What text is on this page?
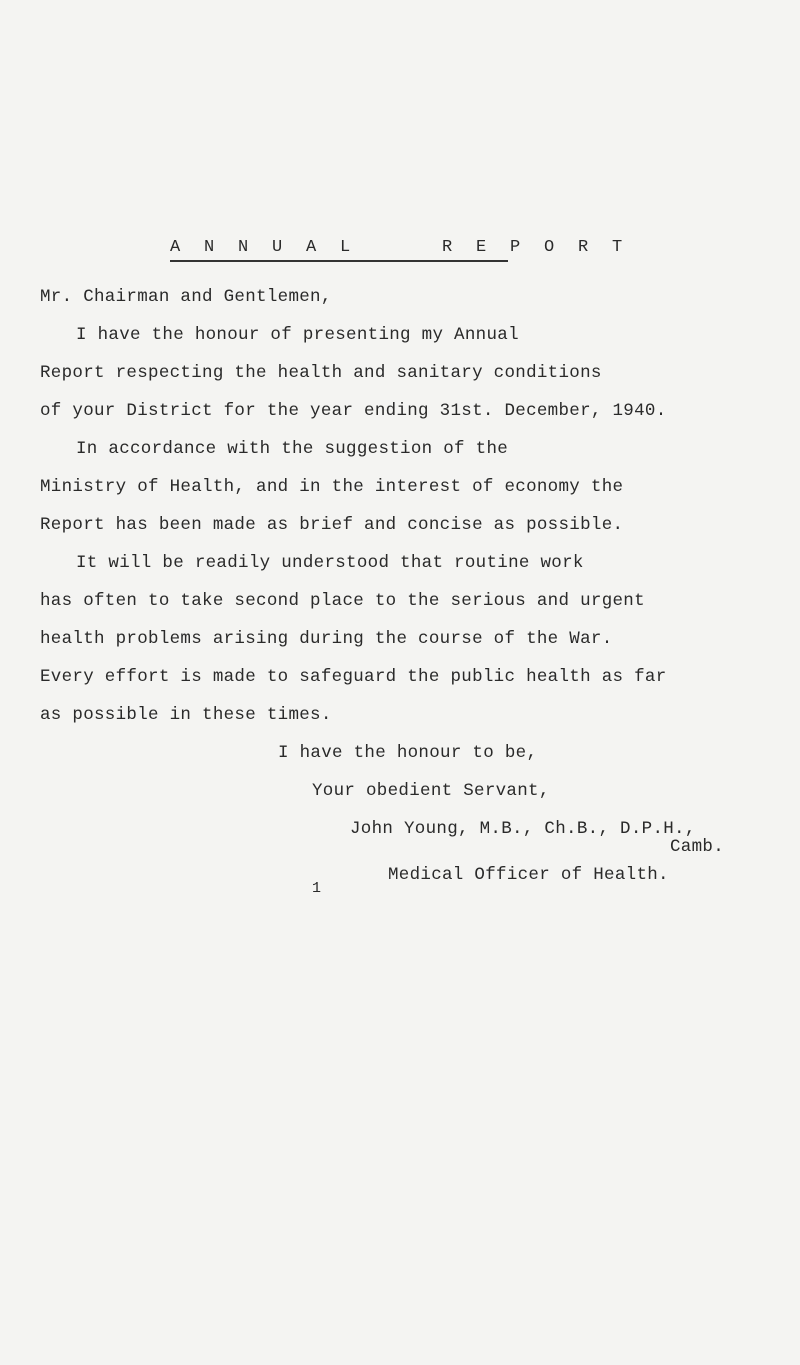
A N N U A L     R E P O R T
Mr. Chairman and Gentlemen,
I have the honour of presenting my Annual
Report respecting the health and sanitary conditions
of your District for the year ending 31st. December, 1940.
In accordance with the suggestion of the
Ministry of Health, and in the interest of economy the
Report has been made as brief and concise as possible.
It will be readily understood that routine work
has often to take second place to the serious and urgent
health problems arising during the course of the War.
Every effort is made to safeguard the public health as far
as possible in these times.
I have the honour to be,
Your obedient Servant,
John Young, M.B., Ch.B., D.P.H.,
Camb.
Medical Officer of Health.
1
